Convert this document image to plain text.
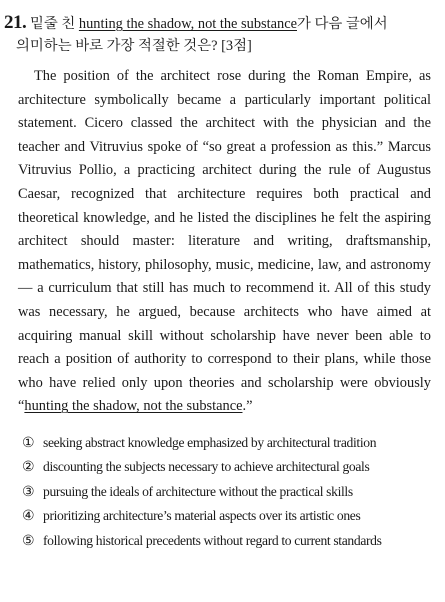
21. 밑줄 친 hunting the shadow, not the substance가 다음 글에서
의미하는 바로 가장 적절한 것은? [3점]

The position of the architect rose during the Roman Empire, as architecture symbolically became a particularly important political statement. Cicero classed the architect with the physician and the teacher and Vitruvius spoke of “so great a profession as this.” Marcus Vitruvius Pollio, a practicing architect during the rule of Augustus Caesar, recognized that architecture requires both practical and theoretical knowledge, and he listed the disciplines he felt the aspiring architect should master: literature and writing, draftsmanship, mathematics, history, philosophy, music, medicine, law, and astronomy — a curriculum that still has much to recommend it. All of this study was necessary, he argued, because architects who have aimed at acquiring manual skill without scholarship have never been able to reach a position of authority to correspond to their plans, while those who have relied only upon theories and scholarship were obviously “hunting the shadow, not the substance.”

① seeking abstract knowledge emphasized by architectural tradition
② discounting the subjects necessary to achieve architectural goals
③ pursuing the ideals of architecture without the practical skills
④ prioritizing architecture’s material aspects over its artistic ones
⑤ following historical precedents without regard to current standards
